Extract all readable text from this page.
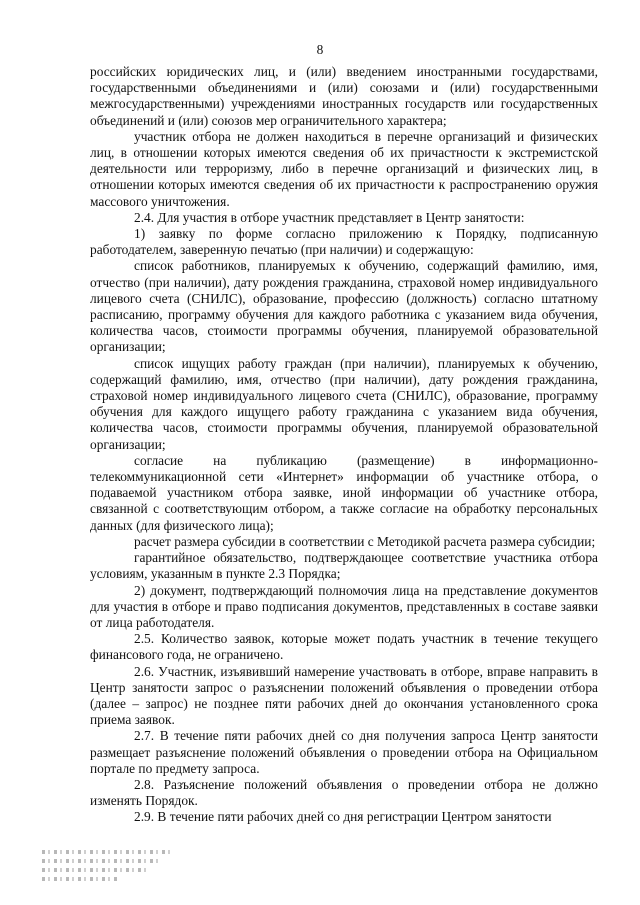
8

российских юридических лиц, и (или) введением иностранными государствами, государственными объединениями и (или) союзами и (или) государственными межгосударственными) учреждениями иностранных государств или государственных объединений и (или) союзов мер ограничительного характера;

участник отбора не должен находиться в перечне организаций и физических лиц, в отношении которых имеются сведения об их причастности к экстремистской деятельности или терроризму, либо в перечне организаций и физических лиц, в отношении которых имеются сведения об их причастности к распространению оружия массового уничтожения.

2.4. Для участия в отборе участник представляет в Центр занятости:

1) заявку по форме согласно приложению к Порядку, подписанную работодателем, заверенную печатью (при наличии) и содержащую:

список работников, планируемых к обучению, содержащий фамилию, имя, отчество (при наличии), дату рождения гражданина, страховой номер индивидуального лицевого счета (СНИЛС), образование, профессию (должность) согласно штатному расписанию, программу обучения для каждого работника с указанием вида обучения, количества часов, стоимости программы обучения, планируемой образовательной организации;

список ищущих работу граждан (при наличии), планируемых к обучению, содержащий фамилию, имя, отчество (при наличии), дату рождения гражданина, страховой номер индивидуального лицевого счета (СНИЛС), образование, программу обучения для каждого ищущего работу гражданина с указанием вида обучения, количества часов, стоимости программы обучения, планируемой образовательной организации;

согласие на публикацию (размещение) в информационно-телекоммуникационной сети «Интернет» информации об участнике отбора, о подаваемой участником отбора заявке, иной информации об участнике отбора, связанной с соответствующим отбором, а также согласие на обработку персональных данных (для физического лица);

расчет размера субсидии в соответствии с Методикой расчета размера субсидии;

гарантийное обязательство, подтверждающее соответствие участника отбора условиям, указанным в пункте 2.3 Порядка;

2) документ, подтверждающий полномочия лица на представление документов для участия в отборе и право подписания документов, представленных в составе заявки от лица работодателя.

2.5. Количество заявок, которые может подать участник в течение текущего финансового года, не ограничено.

2.6. Участник, изъявивший намерение участвовать в отборе, вправе направить в Центр занятости запрос о разъяснении положений объявления о проведении отбора (далее – запрос) не позднее пяти рабочих дней до окончания установленного срока приема заявок.

2.7. В течение пяти рабочих дней со дня получения запроса Центр занятости размещает разъяснение положений объявления о проведении отбора на Официальном портале по предмету запроса.

2.8. Разъяснение положений объявления о проведении отбора не должно изменять Порядок.

2.9. В течение пяти рабочих дней со дня регистрации Центром занятости
